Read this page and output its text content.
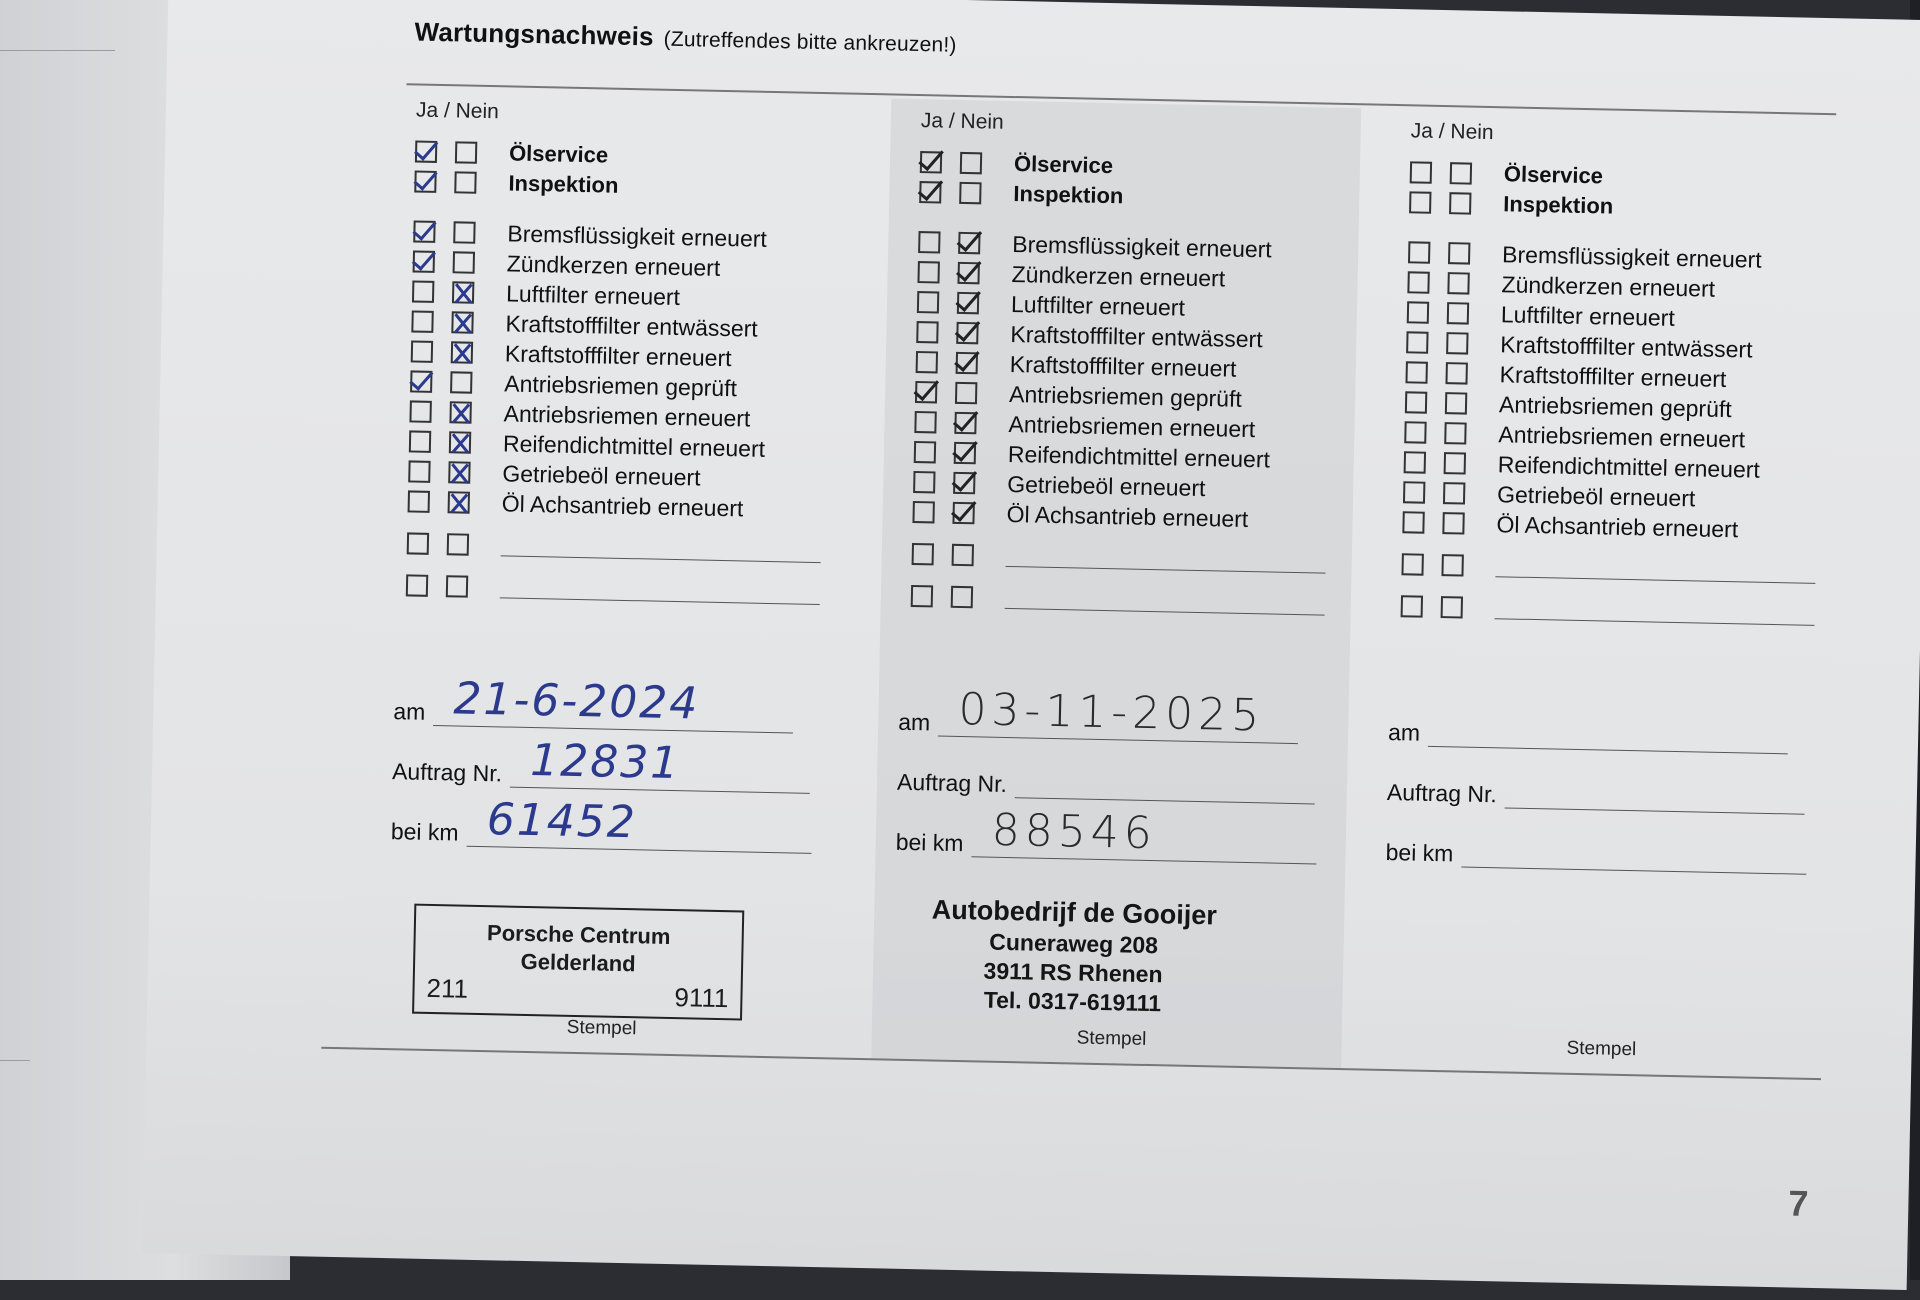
Wartungsnachweis (Zutreffendes bitte ankreuzen!)
Ja / Nein
Ölservice
Inspektion
Bremsflüssigkeit erneuert
Zündkerzen erneuert
Luftfilter erneuert
Kraftstofffilter entwässert
Kraftstofffilter erneuert
Antriebsriemen geprüft
Antriebsriemen erneuert
Reifendichtmittel erneuert
Getriebeöl erneuert
Öl Achsantrieb erneuert
am 21-6-2024
Auftrag Nr. 12831
bei km 61452
Stempel
Porsche Centrum
Gelderland
211	9111
Ja / Nein
Ölservice
Inspektion
Bremsflüssigkeit erneuert
Zündkerzen erneuert
Luftfilter erneuert
Kraftstofffilter entwässert
Kraftstofffilter erneuert
Antriebsriemen geprüft
Antriebsriemen erneuert
Reifendichtmittel erneuert
Getriebeöl erneuert
Öl Achsantrieb erneuert
am 03-11-2025
Auftrag Nr.
bei km 88546
Stempel
Autobedrijf de Gooijer
Cuneraweg 208
3911 RS Rhenen
Tel. 0317-619111
Ja / Nein
Ölservice
Inspektion
Bremsflüssigkeit erneuert
Zündkerzen erneuert
Luftfilter erneuert
Kraftstofffilter entwässert
Kraftstofffilter erneuert
Antriebsriemen geprüft
Antriebsriemen erneuert
Reifendichtmittel erneuert
Getriebeöl erneuert
Öl Achsantrieb erneuert
am
Auftrag Nr.
bei km
Stempel
7
